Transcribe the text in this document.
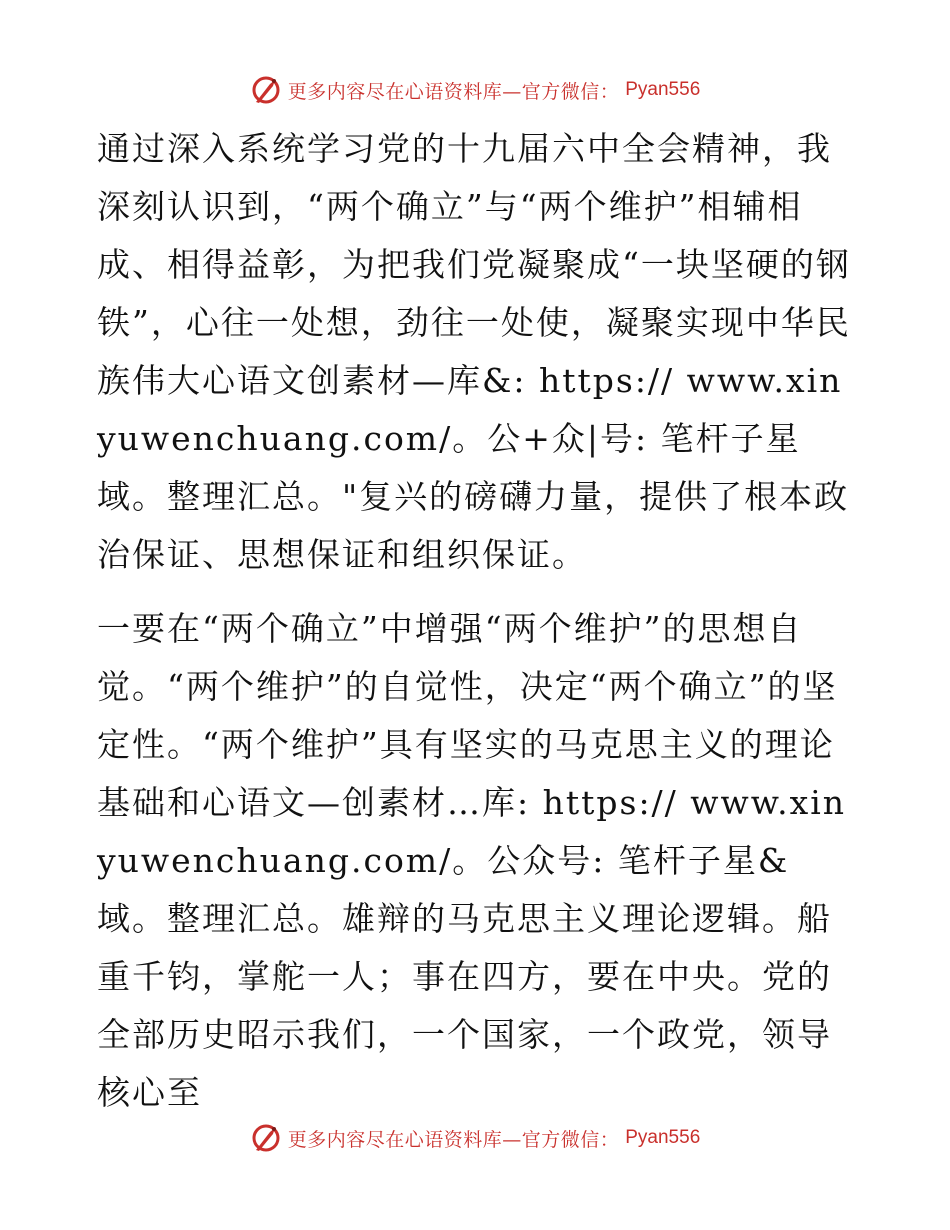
更多内容尽在心语资料库—官方微信： Pyan556

通过深入系统学习党的十九届六中全会精神，我深刻认识到，“两个确立”与“两个维护”相辅相成、相得益彰，为把我们党凝聚成“一块坚硬的钢铁”，心往一处想，劲往一处使，凝聚实现中华民族伟大心语文创素材—库&: https:// www.xinyuwenchuang.com/。公+众|号: 笔杆子星域。整理汇总。"复兴的磅礴力量，提供了根本政治保证、思想保证和组织保证。

一要在“两个确立”中增强“两个维护”的思想自觉。“两个维护”的自觉性，决定“两个确立”的坚定性。“两个维护”具有坚实的马克思主义的理论基础和心语文—创素材…库: https:// www.xinyuwenchuang.com/。公众号: 笔杆子星&域。整理汇总。雄辩的马克思主义理论逻辑。船重千钧，掌舵一人；事在四方，要在中央。党的全部历史昭示我们，一个国家，一个政党，领导核心至

更多内容尽在心语资料库—官方微信： Pyan556
